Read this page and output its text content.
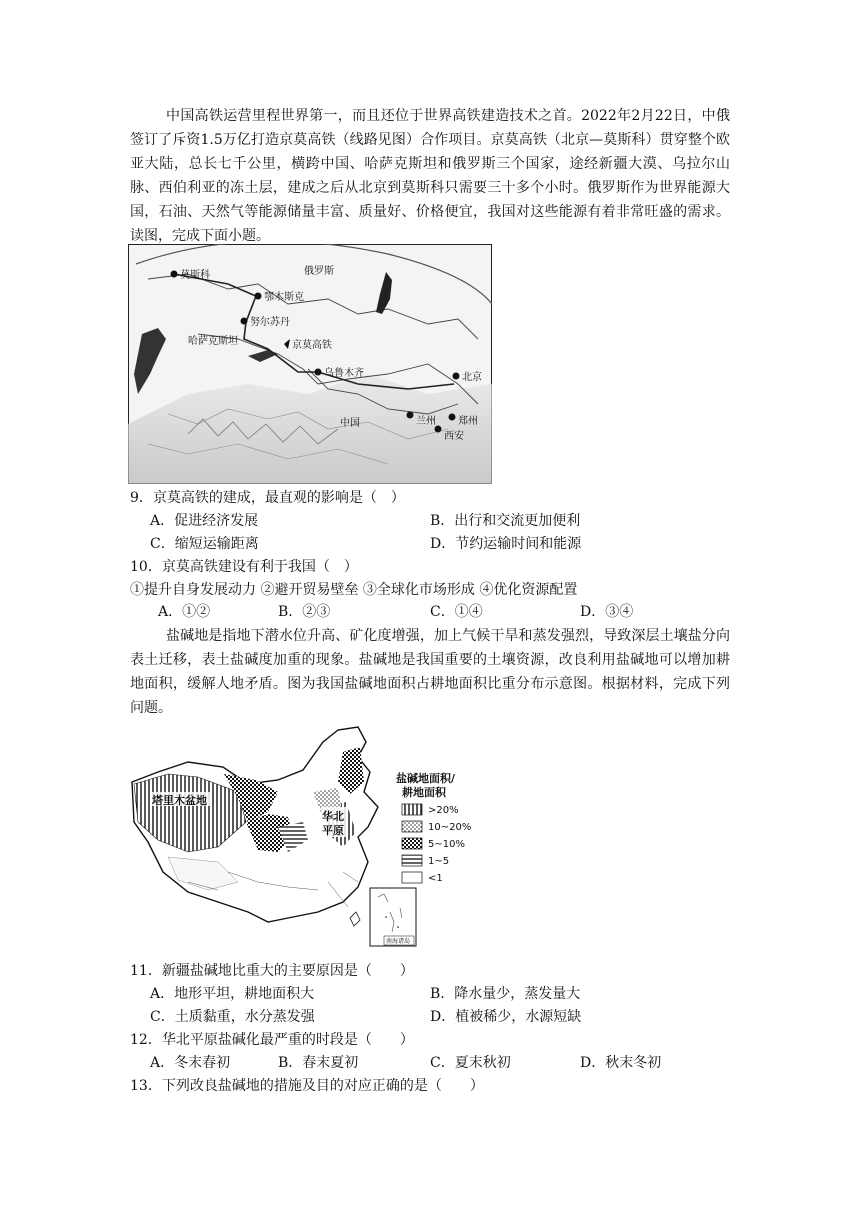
中国高铁运营里程世界第一，而且还位于世界高铁建造技术之首。2022年2月22日，中俄签订了斥资1.5万亿打造京莫高铁（线路见图）合作项目。京莫高铁（北京—莫斯科）贯穿整个欧亚大陆，总长七千公里，横跨中国、哈萨克斯坦和俄罗斯三个国家，途经新疆大漠、乌拉尔山脉、西伯利亚的冻土层，建成之后从北京到莫斯科只需要三十多个小时。俄罗斯作为世界能源大国，石油、天然气等能源储量丰富、质量好、价格便宜，我国对这些能源有着非常旺盛的需求。读图，完成下面小题。
莫斯科	俄罗斯
鄂木斯克
努尔苏丹
哈萨克斯坦	京莫高铁
乌鲁木齐	北京
中国	兰州 郑州
西安
9．京莫高铁的建成，最直观的影响是（　）
A．促进经济发展	B．出行和交流更加便利
C．缩短运输距离	D．节约运输时间和能源
10．京莫高铁建设有利于我国（　）
①提升自身发展动力 ②避开贸易壁垒 ③全球化市场形成 ④优化资源配置
A．①②	B．②③	C．①④	D．③④
盐碱地是指地下潜水位升高、矿化度增强，加上气候干旱和蒸发强烈，导致深层土壤盐分向表土迁移，表土盐碱度加重的现象。盐碱地是我国重要的土壤资源，改良利用盐碱地可以增加耕地面积，缓解人地矛盾。图为我国盐碱地面积占耕地面积比重分布示意图。根据材料，完成下列问题。
塔里木盆地
华北
平原
盐碱地面积/
耕地面积
>20%
10~20%
5~10%
1~5
<1
南海诸岛
11．新疆盐碱地比重大的主要原因是（　　）
A．地形平坦，耕地面积大	B．降水量少，蒸发量大
C．土质黏重，水分蒸发强	D．植被稀少，水源短缺
12．华北平原盐碱化最严重的时段是（　　）
A．冬末春初	B．春末夏初	C．夏末秋初	D．秋末冬初
13．下列改良盐碱地的措施及目的对应正确的是（　　）
